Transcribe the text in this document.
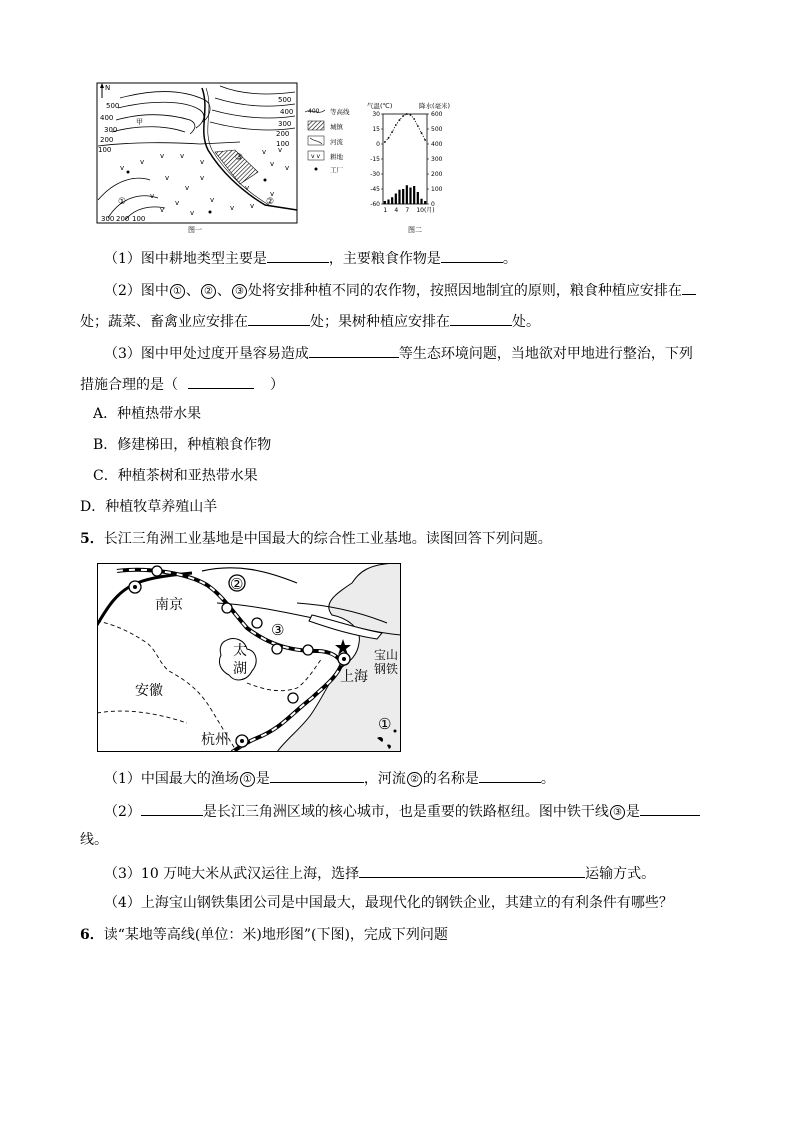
N
v v
v
v
v
v v
v v
v
v
v
v
v	v
v v
v
v
v
v
500
400
300
200
100
500
400
300
200
100
300 200 100
甲
③
①	②
400 等高线
城镇
河流
v v 耕地
工厂
图一
气温(℃)	降水(毫米)
30
15
0
-15
-30
-45
-60
600
500
400
300
200
100
0
1 4 7 10(月)
图二
（1）图中耕地类型主要是	，主要粮食作物是	。
（2）图中 ① 、 ② 、 ③ 处将安排种植不同的农作物，按照因地制宜的原则，粮食种植应安排在
处；蔬菜、畜禽业应安排在	处；果树种植应安排在	处。
（3）图中甲处过度开垦容易造成	等生态环境问题，当地欲对甲地进行整治，下列
措施合理的是（	）
A．种植热带水果
B．修建梯田，种植粮食作物
C．种植茶树和亚热带水果
D．种植牧草养殖山羊
5．长江三角洲工业基地是中国最大的综合性工业基地。读图回答下列问题。
南京
太
湖
安徽
上海
宝山
钢铁
杭州
②
③
①
（1）中国最大的渔场 ① 是	，河流 ② 的名称是	。
（2）	是长江三角洲区域的核心城市，也是重要的铁路枢纽。图中铁干线 ③ 是
线。
（3）10 万吨大米从武汉运往上海，选择	运输方式。
（4）上海宝山钢铁集团公司是中国最大，最现代化的钢铁企业，其建立的有利条件有哪些？
6．读“某地等高线(单位：米)地形图”(下图)，完成下列问题
